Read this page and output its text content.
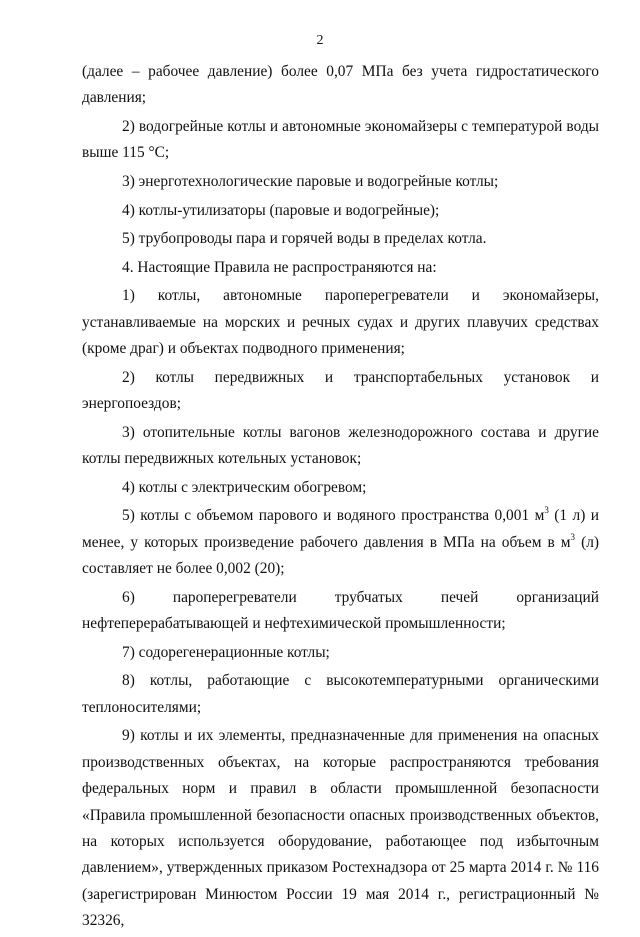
2

(далее – рабочее давление) более 0,07 МПа без учета гидростатического давления;

2) водогрейные котлы и автономные экономайзеры с температурой воды выше 115 °С;

3) энерготехнологические паровые и водогрейные котлы;

4) котлы-утилизаторы (паровые и водогрейные);

5) трубопроводы пара и горячей воды в пределах котла.

4. Настоящие Правила не распространяются на:

1) котлы, автономные пароперегреватели и экономайзеры, устанавливаемые на морских и речных судах и других плавучих средствах (кроме драг) и объектах подводного применения;

2) котлы передвижных и транспортабельных установок и энергопоездов;

3) отопительные котлы вагонов железнодорожного состава и другие котлы передвижных котельных установок;

4) котлы с электрическим обогревом;

5) котлы с объемом парового и водяного пространства 0,001 $м^3$ (1 л) и менее, у которых произведение рабочего давления в МПа на объем в $м^3$ (л) составляет не более 0,002 (20);

6) пароперегреватели трубчатых печей организаций нефтеперерабатывающей и нефтехимической промышленности;

7) содорегенерационные котлы;

8) котлы, работающие с высокотемпературными органическими теплоносителями;

9) котлы и их элементы, предназначенные для применения на опасных производственных объектах, на которые распространяются требования федеральных норм и правил в области промышленной безопасности «Правила промышленной безопасности опасных производственных объектов, на которых используется оборудование, работающее под избыточным давлением», утвержденных приказом Ростехнадзора от 25 марта 2014 г. № 116 (зарегистрирован Минюстом России 19 мая 2014 г., регистрационный № 32326,
